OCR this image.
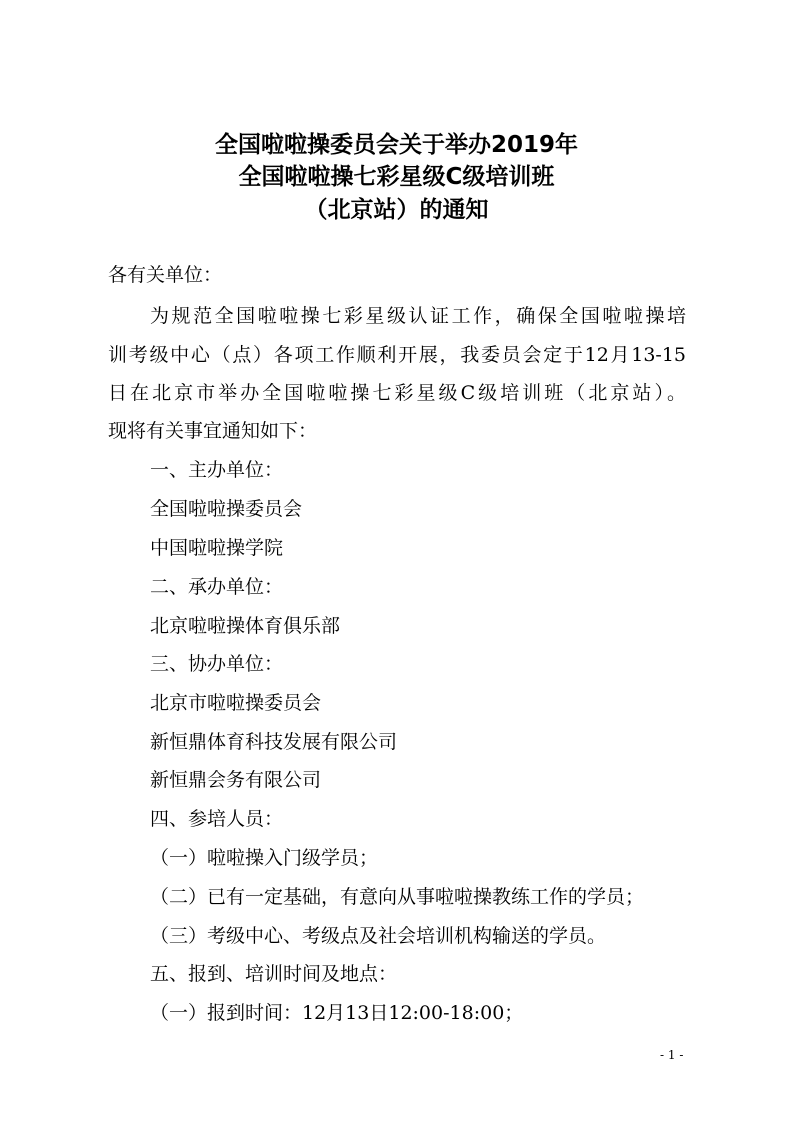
全国啦啦操委员会关于举办2019年
全国啦啦操七彩星级C级培训班
（北京站）的通知

各有关单位：

为规范全国啦啦操七彩星级认证工作，确保全国啦啦操培

训考级中心（点）各项工作顺利开展，我委员会定于12月13-15

日在北京市举办全国啦啦操七彩星级C级培训班（北京站）。

现将有关事宜通知如下：

一、主办单位：

全国啦啦操委员会

中国啦啦操学院

二、承办单位：

北京啦啦操体育俱乐部

三、协办单位：

北京市啦啦操委员会

新恒鼎体育科技发展有限公司

新恒鼎会务有限公司

四、参培人员：

（一）啦啦操入门级学员；

（二）已有一定基础，有意向从事啦啦操教练工作的学员；

（三）考级中心、考级点及社会培训机构输送的学员。

五、报到、培训时间及地点：

（一）报到时间：12月13日12:00-18:00；

- 1 -
